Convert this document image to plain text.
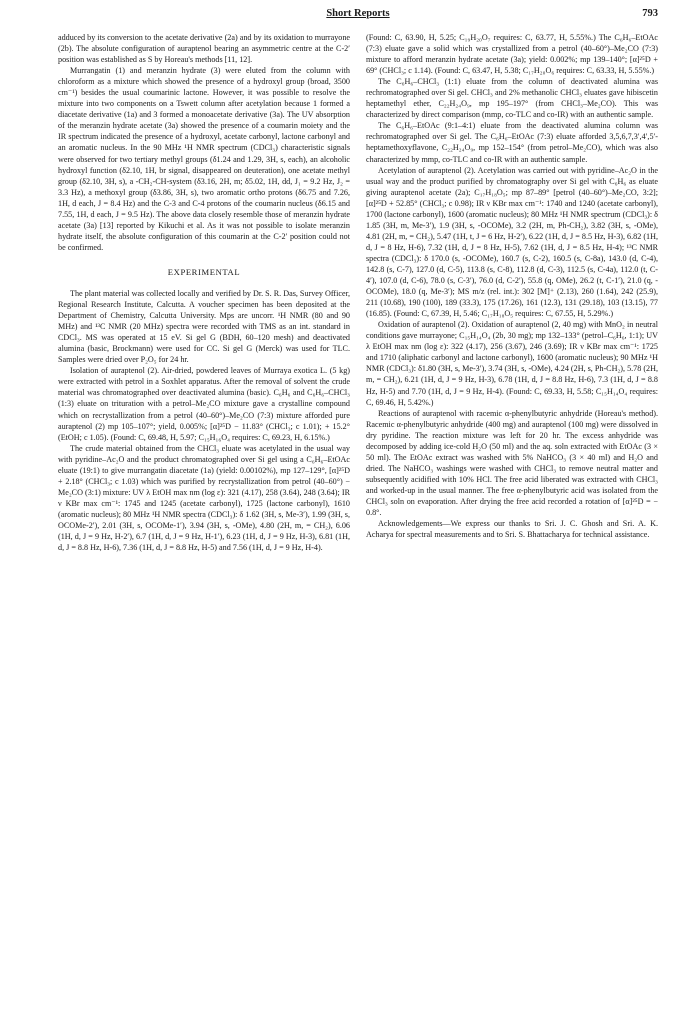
Short Reports	793

adduced by its conversion to the acetate derivative (2a) and by its oxidation to murrayone (2b). The absolute configuration of auraptenol bearing an asymmetric centre at the C-2′ position was established as S by Horeau's methods [11, 12].

Murrangatin (1) and meranzin hydrate (3) were eluted from the column with chloroform as a mixture which showed the presence of a hydroxyl group (broad, 3500 cm⁻¹) besides the usual coumarinic lactone. However, it was possible to resolve the mixture into two components on a Tswett column after acetylation because 1 formed a diacetate derivative (1a) and 3 formed a monoacetate derivative (3a). The UV absorption of the meranzin hydrate acetate (3a) showed the presence of a coumarin moiety and the IR spectrum indicated the presence of a hydroxyl, acetate carbonyl, lactone carbonyl and an aromatic nucleus. In the 90 MHz ¹H NMR spectrum (CDCl₃) characteristic signals were observed for two tertiary methyl groups (δ1.24 and 1.29, 3H, s, each), an alcoholic hydroxyl function (δ2.10, 1H, br signal, disappeared on deuteration), one acetate methyl group (δ2.10, 3H, s), a -CH₂-CH-system (δ3.16, 2H, m; δ5.02, 1H, dd, J₁ = 9.2 Hz, J₂ = 3.3 Hz), a methoxyl group (δ3.86, 3H, s), two aromatic ortho protons (δ6.75 and 7.26, 1H, d each, J = 8.4 Hz) and the C-3 and C-4 protons of the coumarin nucleus (δ6.15 and 7.55, 1H, d each, J = 9.5 Hz). The above data closely resemble those of meranzin hydrate acetate (3a) [13] reported by Kikuchi et al. As it was not possible to isolate meranzin hydrate itself, the absolute configuration of this coumarin at the C-2′ position could not be confirmed.

EXPERIMENTAL

The plant material was collected locally and verified by Dr. S. R. Das, Survey Officer, Regional Research Institute, Calcutta. A voucher specimen has been deposited at the Department of Chemistry, Calcutta University. Mps are uncorr. ¹H NMR (80 and 90 MHz) and ¹³C NMR (20 MHz) spectra were recorded with TMS as an int. standard in CDCl₃. MS was operated at 15 eV. Si gel G (BDH, 60–120 mesh) and deactivated alumina (basic, Brockmann) were used for CC. Si gel G (Merck) was used for TLC. Samples were dried over P₂O₅ for 24 hr.

Isolation of auraptenol (2). Air-dried, powdered leaves of Murraya exotica L. (5 kg) were extracted with petrol in a Soxhlet apparatus. After the removal of solvent the crude material was chromatographed over deactivated alumina (basic). C₆H₆ and C₆H₆–CHCl₃ (1:3) eluate on trituration with a petrol–Me₂CO mixture gave a crystalline compound which on recrystallization from a petrol (40–60°)–Me₂CO (7:3) mixture afforded pure auraptenol (2) mp 105–107°; yield, 0.005%; [α]²⁵D − 11.83° (CHCl₃; c 1.01); + 15.2° (EtOH; c 1.05). (Found: C, 69.48, H, 5.97; C₁₅H₁₆O₄ requires: C, 69.23, H, 6.15%.)

The crude material obtained from the CHCl₃ eluate was acetylated in the usual way with pyridine–Ac₂O and the product chromatographed over Si gel using a C₆H₆–EtOAc eluate (19:1) to give murrangatin diacetate (1a) (yield: 0.00102%), mp 127–129°, [α]²⁵D + 2.18° (CHCl₃; c 1.03) which was purified by recrystallization from petrol (40–60°) − Me₂CO (3:1) mixture: UV λ EtOH max nm (log ε): 321 (4.17), 258 (3.64), 248 (3.64); IR ν KBr max cm⁻¹: 1745 and 1245 (acetate carbonyl), 1725 (lactone carbonyl), 1610 (aromatic nucleus); 80 MHz ¹H NMR spectra (CDCl₃): δ 1.62 (3H, s, Me-3′), 1.99 (3H, s, OCOMe-2′), 2.01 (3H, s, OCOMe-1′), 3.94 (3H, s, -OMe), 4.80 (2H, m, = CH₂), 6.06 (1H, d, J = 9 Hz, H-2′), 6.7 (1H, d, J = 9 Hz, H-1′), 6.23 (1H, d, J = 9 Hz, H-3), 6.81 (1H, d, J = 8.8 Hz, H-6), 7.36 (1H, d, J = 8.8 Hz, H-5) and 7.56 (1H, d, J = 9 Hz, H-4).

(Found: C, 63.90, H, 5.25; C₁₉H₂₀O₇ requires: C, 63.77, H, 5.55%.) The C₆H₆–EtOAc (7:3) eluate gave a solid which was crystallized from a petrol (40–60°)–Me₂CO (7:3) mixture to afford meranzin hydrate acetate (3a); yield: 0.002%; mp 139–140°; [α]²⁵D + 69° (CHCl₃; c 1.14). (Found: C, 63.47, H, 5.38; C₁₇H₂₀O₆ requires: C, 63.33, H, 5.55%.)

The C₆H₆–CHCl₃ (1:1) eluate from the column of deactivated alumina was rechromatographed over Si gel. CHCl₃ and 2% methanolic CHCl₃ eluates gave hibiscetin heptamethyl ether, C₂₂H₂₄O₉, mp 195–197° (from CHCl₃–Me₂CO). This was characterized by direct comparison (mmp, co-TLC and co-IR) with an authentic sample.

The C₆H₆–EtOAc (9:1–4:1) eluate from the deactivated alumina column was rechromatographed over Si gel. The C₆H₆–EtOAc (7:3) eluate afforded 3,5,6,7,3′,4′,5′-heptamethoxyflavone, C₂₂H₂₄O₉, mp 152–154° (from petrol–Me₂CO), which was also characterized by mmp, co-TLC and co-IR with an authentic sample.

Acetylation of auraptenol (2). Acetylation was carried out with pyridine–Ac₂O in the usual way and the product purified by chromatography over Si gel with C₆H₆ as eluate giving auraptenol acetate (2a); C₁₇H₁₈O₅; mp 87–89° [petrol (40–60°)–Me₂CO, 3:2]; [α]²⁵D + 52.85° (CHCl₃; c 0.98); IR ν KBr max cm⁻¹: 1740 and 1240 (acetate carbonyl), 1700 (lactone carbonyl), 1600 (aromatic nucleus); 80 MHz ¹H NMR spectrum (CDCl₃): δ 1.85 (3H, m, Me-3′), 1.9 (3H, s, -OCOMe), 3.2 (2H, m, Ph-CH₂), 3.82 (3H, s, -OMe), 4.81 (2H, m, = CH₂), 5.47 (1H, t, J = 6 Hz, H-2′), 6.22 (1H, d, J = 8.5 Hz, H-3), 6.82 (1H, d, J = 8 Hz, H-6), 7.32 (1H, d, J = 8 Hz, H-5), 7.62 (1H, d, J = 8.5 Hz, H-4); ¹³C NMR spectra (CDCl₃): δ 170.0 (s, -OCOMe), 160.7 (s, C-2), 160.5 (s, C-8a), 143.0 (d, C-4), 142.8 (s, C-7), 127.0 (d, C-5), 113.8 (s, C-8), 112.8 (d, C-3), 112.5 (s, C-4a), 112.0 (t, C-4′), 107.0 (d, C-6), 78.0 (s, C-3′), 76.0 (d, C-2′), 55.8 (q, OMe), 26.2 (t, C-1′), 21.0 (q, -OCOMe), 18.0 (q, Me-3′); MS m/z (rel. int.): 302 [M]⁺ (2.13), 260 (1.64), 242 (25.9), 211 (10.68), 190 (100), 189 (33.3), 175 (17.26), 161 (12.3), 131 (29.18), 103 (13.15), 77 (16.85). (Found: C, 67.39, H, 5.46; C₁₇H₁₈O₅ requires: C, 67.55, H, 5.29%.)

Oxidation of auraptenol (2). Oxidation of auraptenol (2, 40 mg) with MnO₂ in neutral conditions gave murrayone; C₁₅H₁₄O₄ (2b, 30 mg); mp 132–133° (petrol–C₆H₆, 1:1); UV λ EtOH max nm (log ε): 322 (4.17), 256 (3.67), 246 (3.69); IR ν KBr max cm⁻¹: 1725 and 1710 (aliphatic carbonyl and lactone carbonyl), 1600 (aromatic nucleus); 90 MHz ¹H NMR (CDCl₃): δ1.80 (3H, s, Me-3′), 3.74 (3H, s, -OMe), 4.24 (2H, s, Ph-CH₂), 5.78 (2H, m, = CH₂), 6.21 (1H, d, J = 9 Hz, H-3), 6.78 (1H, d, J = 8.8 Hz, H-6), 7.3 (1H, d, J = 8.8 Hz, H-5) and 7.70 (1H, d, J = 9 Hz, H-4). (Found: C, 69.33, H, 5.58; C₁₅H₁₄O₄ requires: C, 69.46, H, 5.42%.)

Reactions of auraptenol with racemic α-phenylbutyric anhydride (Horeau's method). Racemic α-phenylbutyric anhydride (400 mg) and auraptenol (100 mg) were dissolved in dry pyridine. The reaction mixture was left for 20 hr. The excess anhydride was decomposed by adding ice-cold H₂O (50 ml) and the aq. soln extracted with EtOAc (3 × 50 ml). The EtOAc extract was washed with 5% NaHCO₃ (3 × 40 ml) and H₂O and dried. The NaHCO₃ washings were washed with CHCl₃ to remove neutral matter and subsequently acidified with 10% HCl. The free acid liberated was extracted with CHCl₃ and worked-up in the usual manner. The free α-phenylbutyric acid was isolated from the CHCl₃ soln on evaporation. After drying the free acid recorded a rotation of [α]²⁵D = − 0.8°.

Acknowledgements—We express our thanks to Sri. J. C. Ghosh and Sri. A. K. Acharya for spectral measurements and to Sri. S. Bhattacharya for technical assistance.
